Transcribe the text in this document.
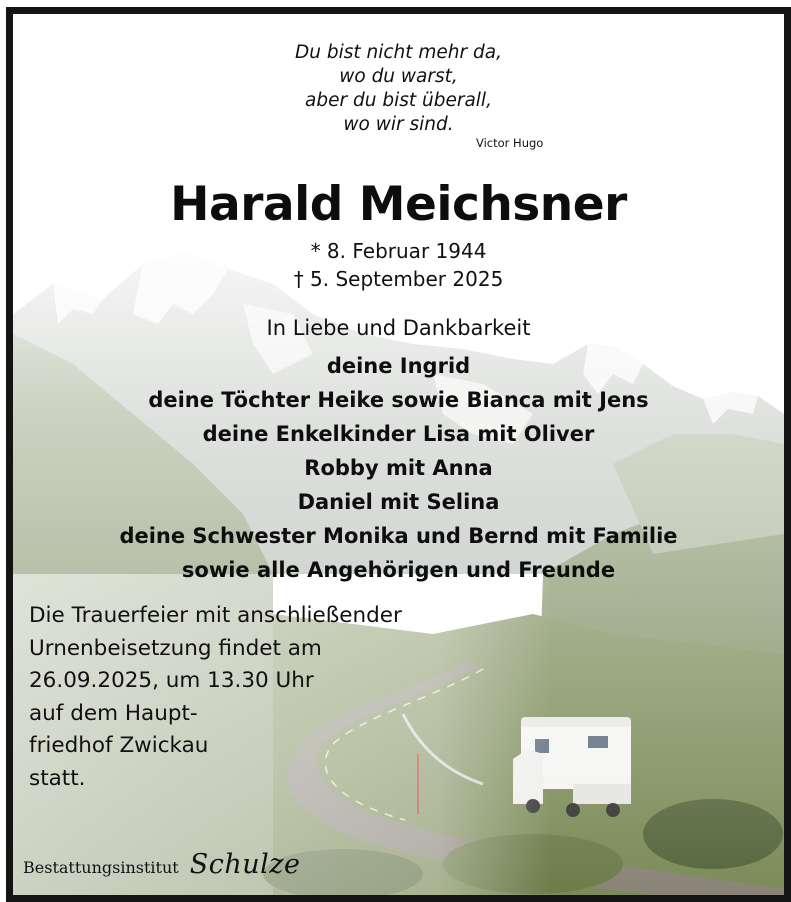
Du bist nicht mehr da,
wo du warst,
aber du bist überall,
wo wir sind.
Victor Hugo
Harald Meichsner
* 8. Februar 1944
† 5. September 2025
In Liebe und Dankbarkeit
deine Ingrid
deine Töchter Heike sowie Bianca mit Jens
deine Enkelkinder Lisa mit Oliver
Robby mit Anna
Daniel mit Selina
deine Schwester Monika und Bernd mit Familie
sowie alle Angehörigen und Freunde
Die Trauerfeier mit anschließender
Urnenbeisetzung findet am
26.09.2025, um 13.30 Uhr
auf dem Haupt-
friedhof Zwickau
statt.
Bestattungsinstitut Schulze
